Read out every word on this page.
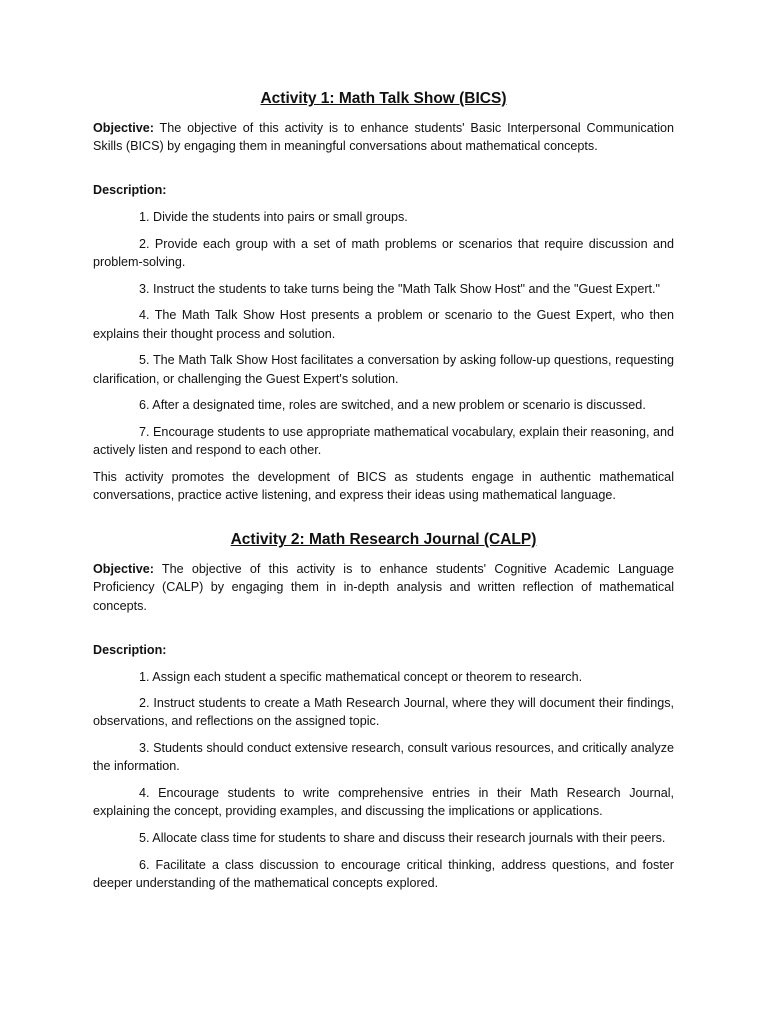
Activity 1: Math Talk Show (BICS)

Objective: The objective of this activity is to enhance students' Basic Interpersonal Communication Skills (BICS) by engaging them in meaningful conversations about mathematical concepts.

Description:

1. Divide the students into pairs or small groups.

2. Provide each group with a set of math problems or scenarios that require discussion and problem-solving.

3. Instruct the students to take turns being the "Math Talk Show Host" and the "Guest Expert."

4. The Math Talk Show Host presents a problem or scenario to the Guest Expert, who then explains their thought process and solution.

5. The Math Talk Show Host facilitates a conversation by asking follow-up questions, requesting clarification, or challenging the Guest Expert's solution.

6. After a designated time, roles are switched, and a new problem or scenario is discussed.

7. Encourage students to use appropriate mathematical vocabulary, explain their reasoning, and actively listen and respond to each other.

This activity promotes the development of BICS as students engage in authentic mathematical conversations, practice active listening, and express their ideas using mathematical language.

Activity 2: Math Research Journal (CALP)

Objective: The objective of this activity is to enhance students' Cognitive Academic Language Proficiency (CALP) by engaging them in in-depth analysis and written reflection of mathematical concepts.

Description:

1. Assign each student a specific mathematical concept or theorem to research.

2. Instruct students to create a Math Research Journal, where they will document their findings, observations, and reflections on the assigned topic.

3. Students should conduct extensive research, consult various resources, and critically analyze the information.

4. Encourage students to write comprehensive entries in their Math Research Journal, explaining the concept, providing examples, and discussing the implications or applications.

5. Allocate class time for students to share and discuss their research journals with their peers.

6. Facilitate a class discussion to encourage critical thinking, address questions, and foster deeper understanding of the mathematical concepts explored.
